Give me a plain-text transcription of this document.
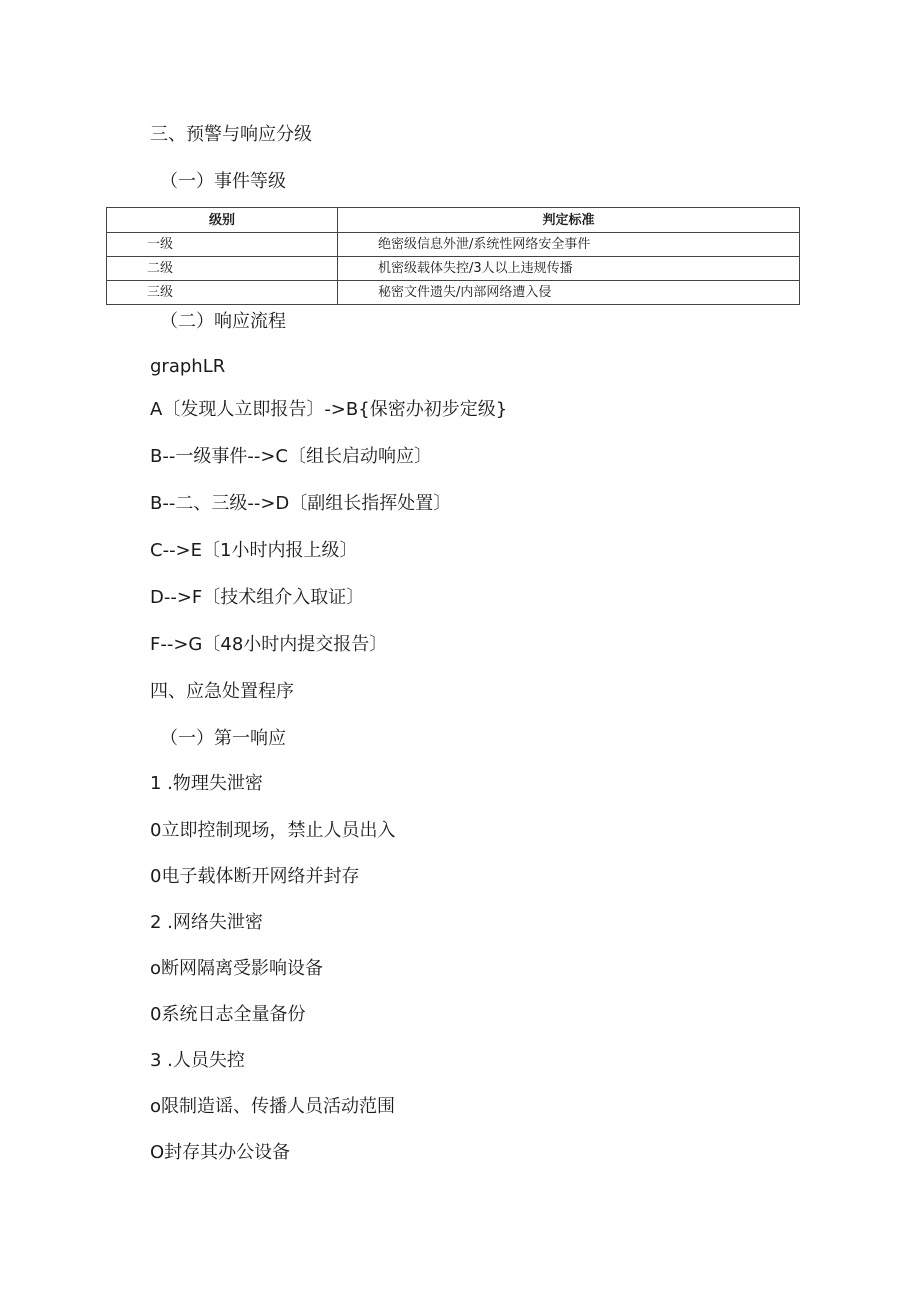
三、预警与响应分级
（一）事件等级
级别	判定标准
一级	绝密级信息外泄/系统性网络安全事件
二级	机密级载体失控/3人以上违规传播
三级	秘密文件遗失/内部网络遭入侵
（二）响应流程
graphLR
A〔发现人立即报告〕->B{保密办初步定级}
B--一级事件-->C〔组长启动响应〕
B--二、三级-->D〔副组长指挥处置〕
C-->E〔1小时内报上级〕
D-->F〔技术组介入取证〕
F-->G〔48小时内提交报告〕
四、应急处置程序
（一）第一响应
1 .物理失泄密
0立即控制现场，禁止人员出入
0电子载体断开网络并封存
2 .网络失泄密
o断网隔离受影响设备
0系统日志全量备份
3 .人员失控
o限制造谣、传播人员活动范围
O封存其办公设备
